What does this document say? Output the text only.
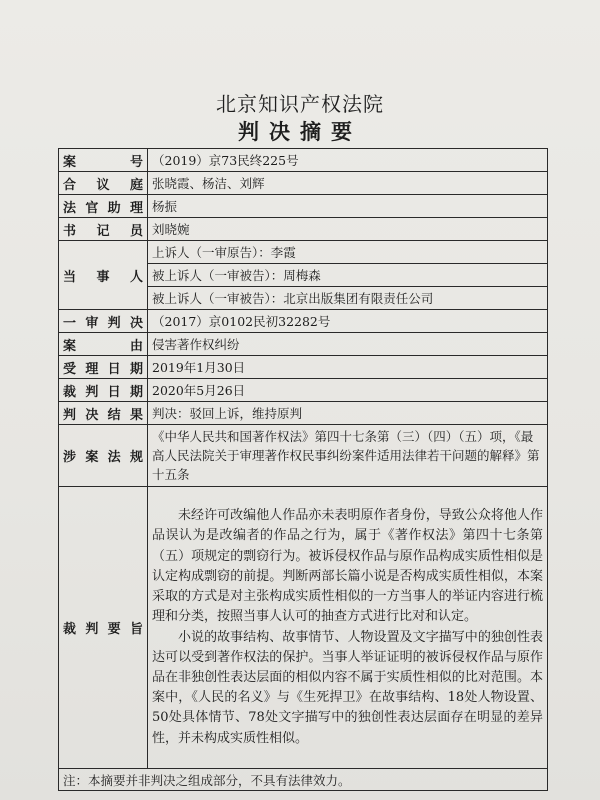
北京知识产权法院
判决摘要
案号	（2019）京73民终225号
合议庭	张晓霞、杨洁、刘辉
法官助理	杨振
书记员	刘晓婉
当事人	上诉人（一审原告）：李霞
	被上诉人（一审被告）：周梅森
	被上诉人（一审被告）：北京出版集团有限责任公司
一审判决	（2017）京0102民初32282号
案由	侵害著作权纠纷
受理日期	2019年1月30日
裁判日期	2020年5月26日
判决结果	判决：驳回上诉，维持原判
涉案法规	《中华人民共和国著作权法》第四十七条第（三）（四）（五）项，《最高人民法院关于审理著作权民事纠纷案件适用法律若干问题的解释》第十五条
裁判要旨	未经许可改编他人作品亦未表明原作者身份，导致公众将他人作品误认为是改编者的作品之行为，属于《著作权法》第四十七条第（五）项规定的剽窃行为。被诉侵权作品与原作品构成实质性相似是认定构成剽窃的前提。判断两部长篇小说是否构成实质性相似，本案采取的方式是对主张构成实质性相似的一方当事人的举证内容进行梳理和分类，按照当事人认可的抽查方式进行比对和认定。

小说的故事结构、故事情节、人物设置及文字描写中的独创性表达可以受到著作权法的保护。当事人举证证明的被诉侵权作品与原作品在非独创性表达层面的相似内容不属于实质性相似的比对范围。本案中，《人民的名义》与《生死捍卫》在故事结构、18处人物设置、50处具体情节、78处文字描写中的独创性表达层面存在明显的差异性，并未构成实质性相似。

注：本摘要并非判决之组成部分，不具有法律效力。	
